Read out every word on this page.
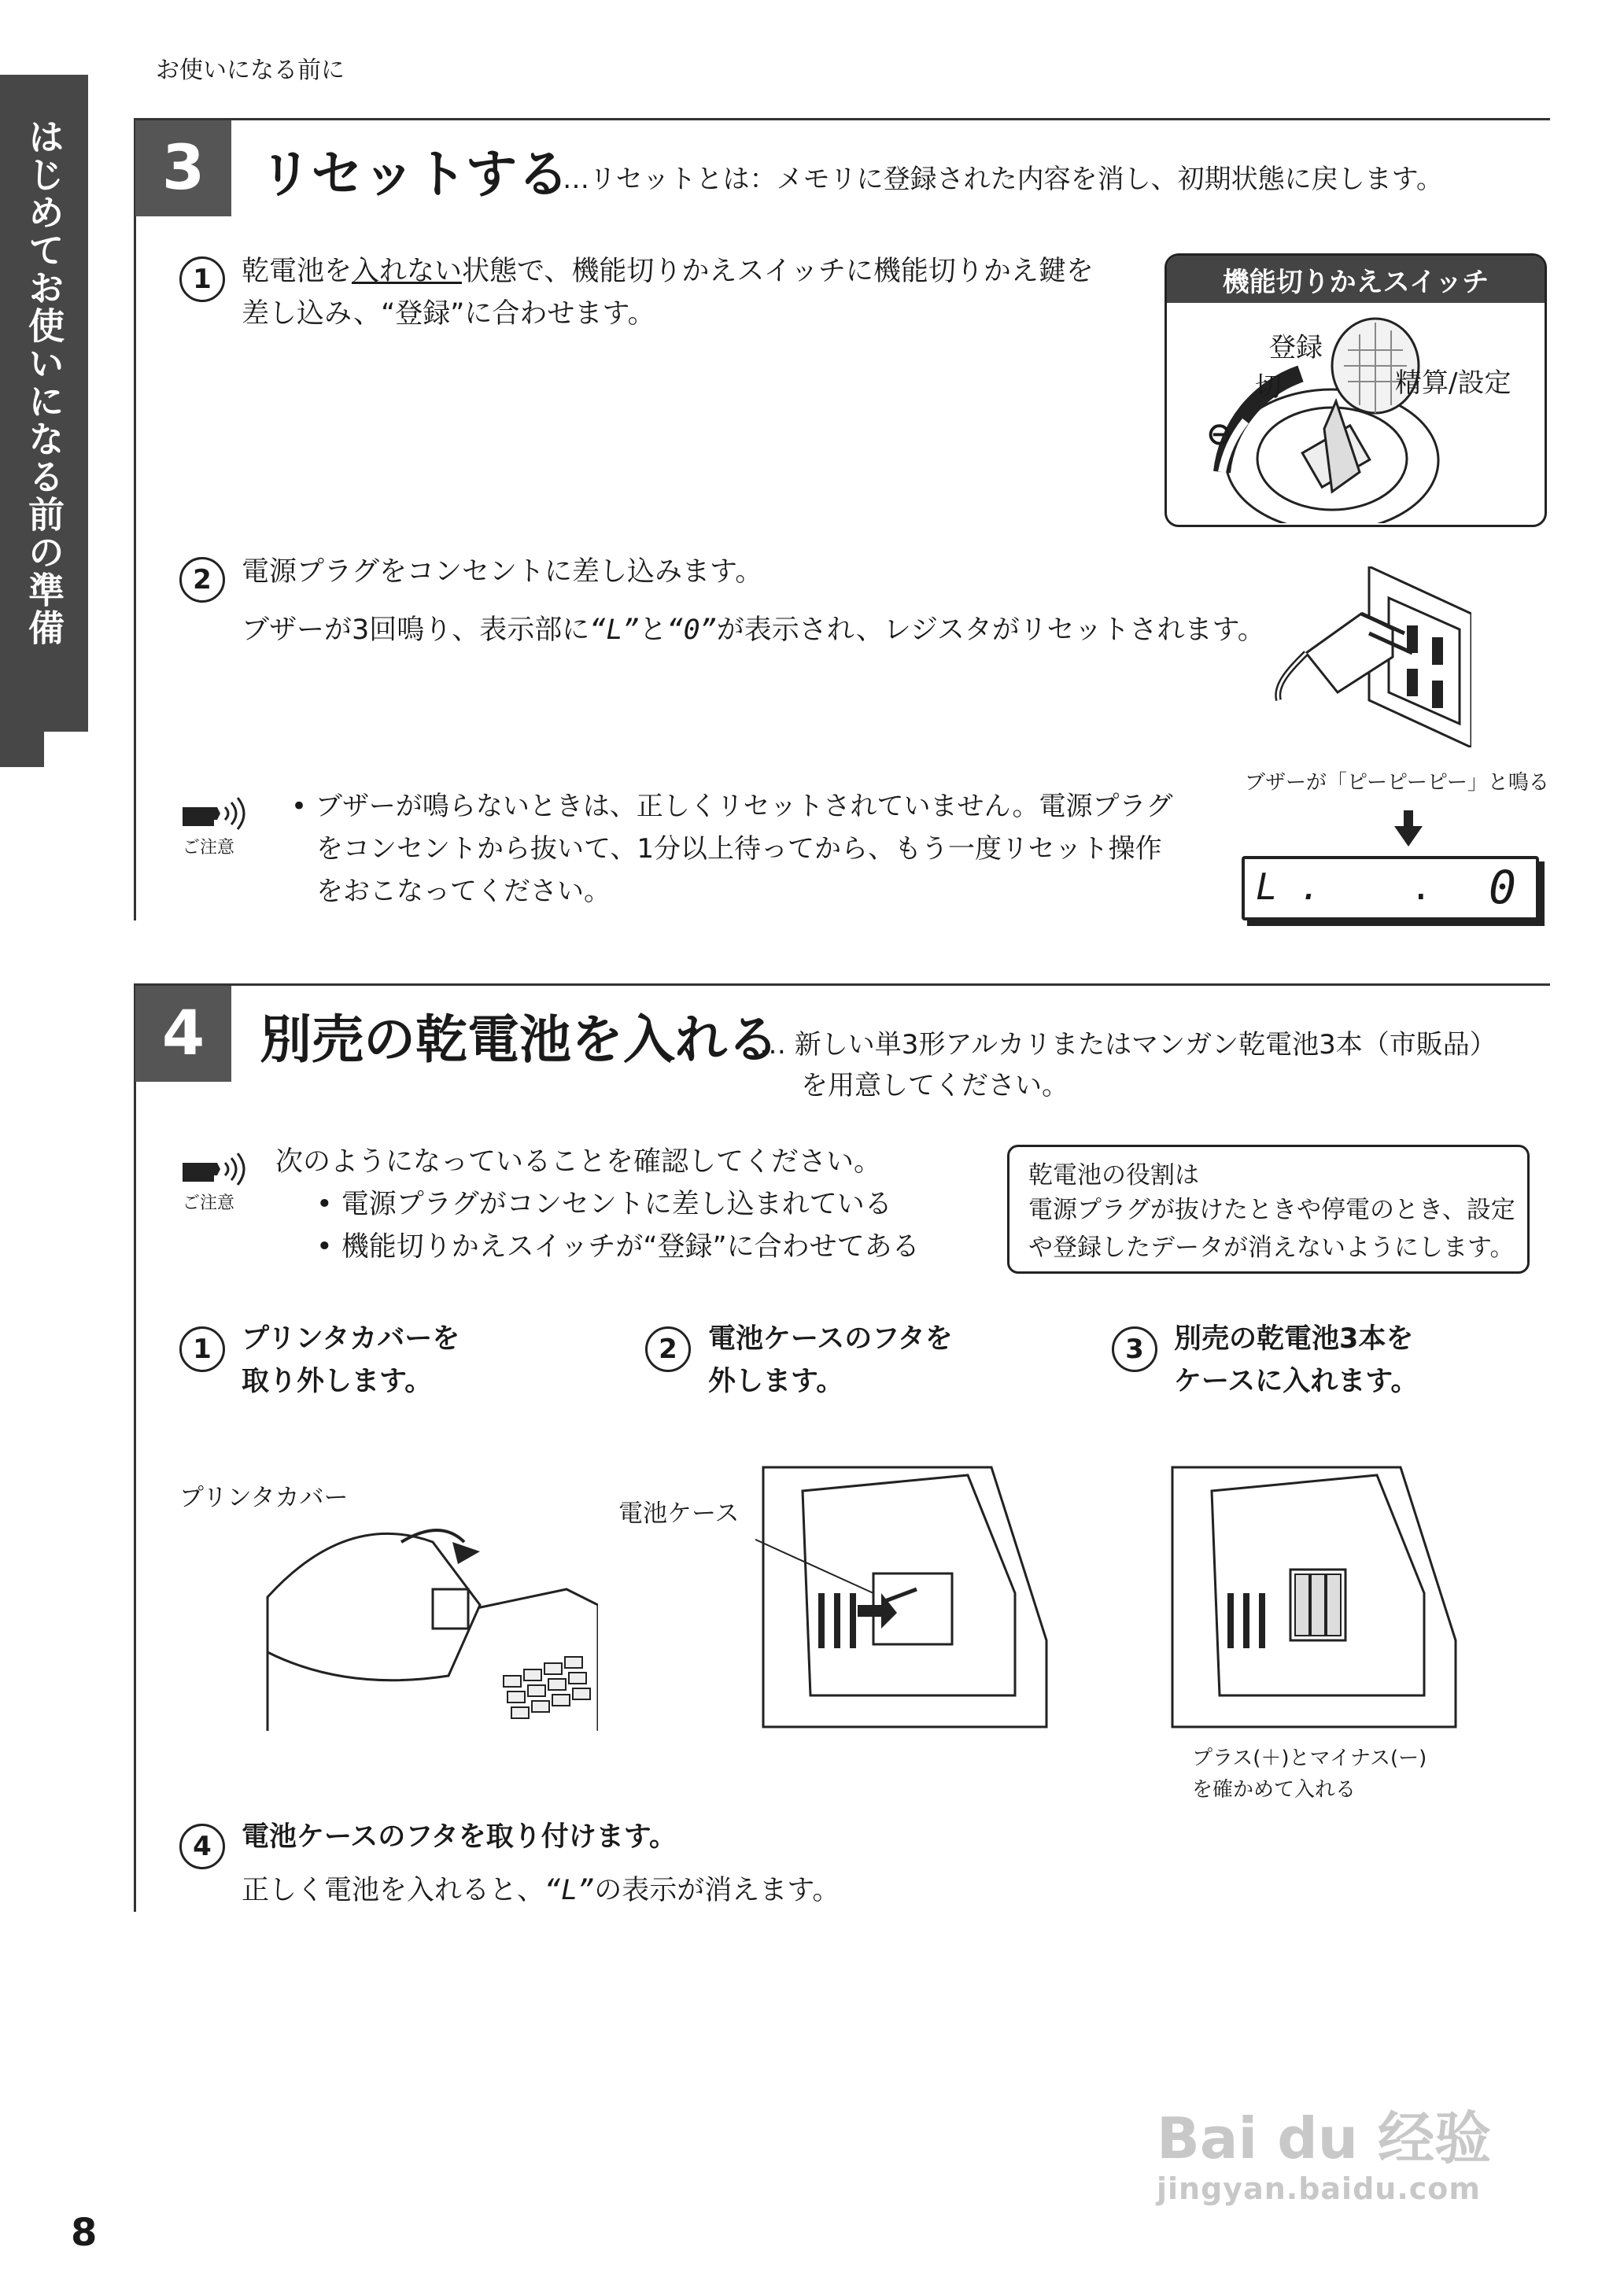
はじめてお使いになる前の準備
お使いになる前に
3	リセットする
…リセットとは：メモリに登録された内容を消し、初期状態に戻します。
1	乾電池を入れない状態で、機能切りかえスイッチに機能切りかえ鍵を
差し込み、“登録”に合わせます。
機能切りかえスイッチ
切
登録
精算/設定
⊖
2	電源プラグをコンセントに差し込みます。
ブザーが3回鳴り、表示部に“L”と“0”が表示され、レジスタがリセットされます。
ブザーが「ピーピーピー」と鳴る
L . . 0
ご注意
• ブザーが鳴らないときは、正しくリセットされていません。電源プラグ
をコンセントから抜いて、1分以上待ってから、もう一度リセット操作
をおこなってください。
4	別売の乾電池を入れる
… 新しい単3形アルカリまたはマンガン乾電池3本（市販品）
を用意してください。
ご注意
次のようになっていることを確認してください。
• 電源プラグがコンセントに差し込まれている
• 機能切りかえスイッチが“登録”に合わせてある
乾電池の役割は
電源プラグが抜けたときや停電のとき、設定
や登録したデータが消えないようにします。
1	プリンタカバーを
取り外します。
2	電池ケースのフタを
外します。
3	別売の乾電池3本を
ケースに入れます。
プリンタカバー
電池ケース
プラス(＋)とマイナス(ー)
を確かめて入れる
4	電池ケースのフタを取り付けます。
正しく電池を入れると、“L”の表示が消えます。
8
Bai du 经验
jingyan.baidu.com
